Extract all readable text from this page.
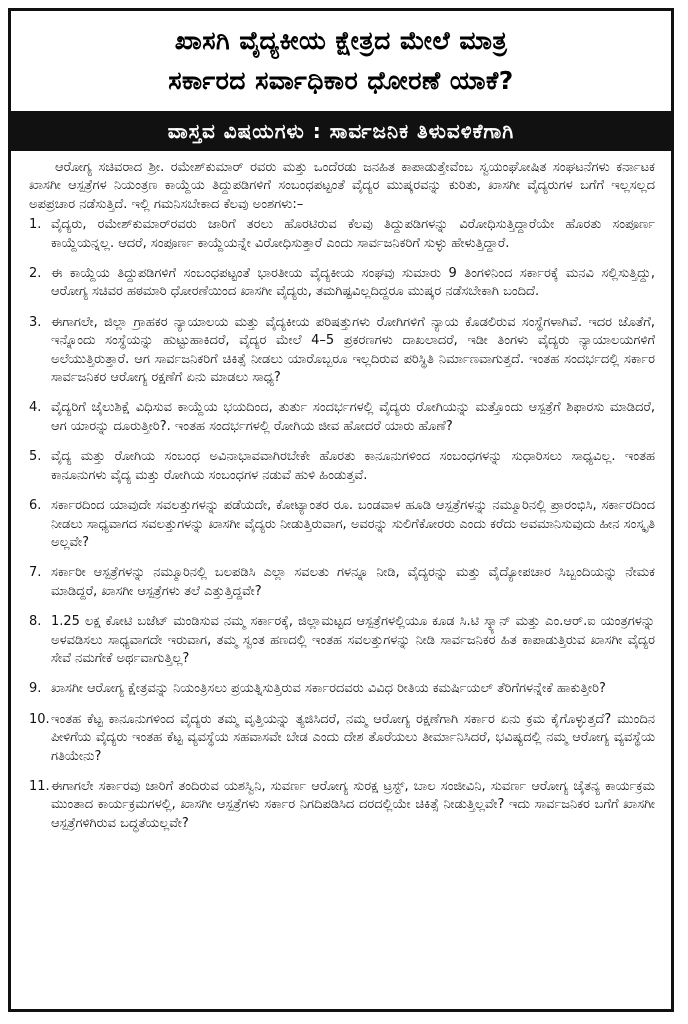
ಖಾಸಗಿ ವೈದ್ಯಕೀಯ ಕ್ಷೇತ್ರದ ಮೇಲೆ ಮಾತ್ರ
ಸರ್ಕಾರದ ಸರ್ವಾಧಿಕಾರ ಧೋರಣೆ ಯಾಕೆ?
ವಾಸ್ತವ ವಿಷಯಗಳು : ಸಾರ್ವಜನಿಕ ತಿಳುವಳಿಕೆಗಾಗಿ

ಆರೋಗ್ಯ ಸಚಿವರಾದ ಶ್ರೀ. ರಮೇಶ್‌ಕುಮಾರ್ ರವರು ಮತ್ತು ಒಂದೆರಡು ಜನಹಿತ ಕಾಪಾಡುತ್ತೇವೆಂಬ ಸ್ವಯಂಘೋಷಿತ ಸಂಘಟನೆಗಳು ಕರ್ನಾಟಕ ಖಾಸಗೀ ಆಸ್ಪತ್ರೆಗಳ ನಿಯಂತ್ರಣ ಕಾಯ್ದೆಯ ತಿದ್ದುಪಡಿಗಳಿಗೆ ಸಂಬಂಧಪಟ್ಟಂತೆ ವೈದ್ಯರ ಮುಷ್ಕರವನ್ನು ಕುರಿತು, ಖಾಸಗೀ ವೈದ್ಯರುಗಳ ಬಗೆಗೆ ಇಲ್ಲಸಲ್ಲದ ಅಪಪ್ರಚಾರ ನಡೆಸುತ್ತಿದೆ. ಇಲ್ಲಿ ಗಮನಿಸಬೇಕಾದ ಕೆಲವು ಅಂಶಗಳು:–

1. ವೈದ್ಯರು, ರಮೇಶ್‌ಕುಮಾರ್‌ರವರು ಜಾರಿಗೆ ತರಲು ಹೊರಟಿರುವ ಕೆಲವು ತಿದ್ದುಪಡಿಗಳನ್ನು ವಿರೋಧಿಸುತ್ತಿದ್ದಾರೆಯೇ ಹೊರತು ಸಂಪೂರ್ಣ ಕಾಯ್ದೆಯನ್ನಲ್ಲ. ಆದರೆ, ಸಂಪೂರ್ಣ ಕಾಯ್ದೆಯನ್ನೇ ವಿರೋಧಿಸುತ್ತಾರೆ ಎಂದು ಸಾರ್ವಜನಿಕರಿಗೆ ಸುಳ್ಳು ಹೇಳುತ್ತಿದ್ದಾರೆ.
2. ಈ ಕಾಯ್ದೆಯ ತಿದ್ದುಪಡಿಗಳಿಗೆ ಸಂಬಂಧಪಟ್ಟಂತೆ ಭಾರತೀಯ ವೈದ್ಯಕೀಯ ಸಂಘವು ಸುಮಾರು 9 ತಿಂಗಳಿನಿಂದ ಸರ್ಕಾರಕ್ಕೆ ಮನವಿ ಸಲ್ಲಿಸುತ್ತಿದ್ದು, ಆರೋಗ್ಯ ಸಚಿವರ ಹಠಮಾರಿ ಧೋರಣೆಯಿಂದ ಖಾಸಗೀ ವೈದ್ಯರು, ತಮಗಿಷ್ಟವಿಲ್ಲದಿದ್ದರೂ ಮುಷ್ಕರ ನಡೆಸಬೇಕಾಗಿ ಬಂದಿದೆ.
3. ಈಗಾಗಲೇ, ಜಿಲ್ಲಾ ಗ್ರಾಹಕರ ನ್ಯಾಯಾಲಯ ಮತ್ತು ವೈದ್ಯಕೀಯ ಪರಿಷತ್ತುಗಳು ರೋಗಿಗಳಿಗೆ ನ್ಯಾಯ ಕೊಡಲಿರುವ ಸಂಸ್ಥೆಗಳಾಗಿವೆ. ಇದರ ಜೊತೆಗೆ, ಇನ್ನೊಂದು ಸಂಸ್ಥೆಯನ್ನು ಹುಟ್ಟುಹಾಕಿದರೆ, ವೈದ್ಯರ ಮೇಲೆ 4–5 ಪ್ರಕರಣಗಳು ದಾಖಲಾದರೆ, ಇಡೀ ತಿಂಗಳು ವೈದ್ಯರು ನ್ಯಾಯಾಲಯಗಳಿಗೆ ಅಲೆಯುತ್ತಿರುತ್ತಾರೆ. ಆಗ ಸಾರ್ವಜನಿಕರಿಗೆ ಚಿಕಿತ್ಸೆ ನೀಡಲು ಯಾರೊಬ್ಬರೂ ಇಲ್ಲದಿರುವ ಪರಿಸ್ಥಿತಿ ನಿರ್ಮಾಣವಾಗುತ್ತದೆ. ಇಂತಹ ಸಂದರ್ಭದಲ್ಲಿ ಸರ್ಕಾರ ಸಾರ್ವಜನಿಕರ ಆರೋಗ್ಯ ರಕ್ಷಣೆಗೆ ಏನು ಮಾಡಲು ಸಾಧ್ಯ?
4. ವೈದ್ಯರಿಗೆ ಜೈಲುಶಿಕ್ಷೆ ವಿಧಿಸುವ ಕಾಯ್ದೆಯ ಭಯದಿಂದ, ತುರ್ತು ಸಂದರ್ಭಗಳಲ್ಲಿ ವೈದ್ಯರು ರೋಗಿಯನ್ನು ಮತ್ತೊಂದು ಆಸ್ಪತ್ರೆಗೆ ಶಿಫಾರಸು ಮಾಡಿದರೆ, ಆಗ ಯಾರನ್ನು ದೂರುತ್ತೀರಿ?. ಇಂತಹ ಸಂದರ್ಭಗಳಲ್ಲಿ ರೋಗಿಯ ಜೀವ ಹೋದರೆ ಯಾರು ಹೊಣೆ?
5. ವೈದ್ಯ ಮತ್ತು ರೋಗಿಯ ಸಂಬಂಧ ಅವಿನಾಭಾವವಾಗಿರಬೇಕೇ ಹೊರತು ಕಾನೂನುಗಳಿಂದ ಸಂಬಂಧಗಳನ್ನು ಸುಧಾರಿಸಲು ಸಾಧ್ಯವಿಲ್ಲ. ಇಂತಹ ಕಾನೂನುಗಳು ವೈದ್ಯ ಮತ್ತು ರೋಗಿಯ ಸಂಬಂಧಗಳ ನಡುವೆ ಹುಳಿ ಹಿಂಡುತ್ತವೆ.
6. ಸರ್ಕಾರದಿಂದ ಯಾವುದೇ ಸವಲತ್ತುಗಳನ್ನು ಪಡೆಯದೇ, ಕೋಟ್ಯಾಂತರ ರೂ. ಬಂಡವಾಳ ಹೂಡಿ ಆಸ್ಪತ್ರೆಗಳನ್ನು ನಮ್ಮೂರಿನಲ್ಲಿ ಪ್ರಾರಂಭಿಸಿ, ಸರ್ಕಾರದಿಂದ ನೀಡಲು ಸಾಧ್ಯವಾಗದ ಸವಲತ್ತುಗಳನ್ನು ಖಾಸಗೀ ವೈದ್ಯರು ನೀಡುತ್ತಿರುವಾಗ, ಅವರನ್ನು ಸುಲಿಗೆಕೋರರು ಎಂದು ಕರೆದು ಅವಮಾನಿಸುವುದು ಹೀನ ಸಂಸ್ಕೃತಿ ಅಲ್ಲವೇ?
7. ಸರ್ಕಾರೀ ಆಸ್ಪತ್ರೆಗಳನ್ನು ನಮ್ಮೂರಿನಲ್ಲಿ ಬಲಪಡಿಸಿ ಎಲ್ಲಾ ಸವಲತು ಗಳನ್ನೂ ನೀಡಿ, ವೈದ್ಯರನ್ನು ಮತ್ತು ವೈದ್ಯೋಪಚಾರ ಸಿಬ್ಬಂದಿಯನ್ನು ನೇಮಕ ಮಾಡಿದ್ದರೆ, ಖಾಸಗೀ ಆಸ್ಪತ್ರೆಗಳು ತಲೆ ಎತ್ತುತ್ತಿದ್ದವೇ?
8. 1.25 ಲಕ್ಷ ಕೋಟಿ ಬಜೆಟ್ ಮಂಡಿಸುವ ನಮ್ಮ ಸರ್ಕಾರಕ್ಕೆ, ಜಿಲ್ಲಾಮಟ್ಟದ ಆಸ್ಪತ್ರೆಗಳಲ್ಲಿಯೂ ಕೂಡ ಸಿ.ಟಿ ಸ್ಕ್ಯಾನ್ ಮತ್ತು ಎಂ.ಆರ್.ಐ ಯಂತ್ರಗಳನ್ನು ಅಳವಡಿಸಲು ಸಾಧ್ಯವಾಗದೇ ಇರುವಾಗ, ತಮ್ಮ ಸ್ವಂತ ಹಣದಲ್ಲಿ ಇಂತಹ ಸವಲತ್ತುಗಳನ್ನು ನೀಡಿ ಸಾರ್ವಜನಿಕರ ಹಿತ ಕಾಪಾಡುತ್ತಿರುವ ಖಾಸಗೀ ವೈದ್ಯರ ಸೇವೆ ನಮಗೇಕೆ ಅರ್ಥವಾಗುತ್ತಿಲ್ಲ?
9. ಖಾಸಗೀ ಆರೋಗ್ಯ ಕ್ಷೇತ್ರವನ್ನು ನಿಯಂತ್ರಿಸಲು ಪ್ರಯತ್ನಿಸುತ್ತಿರುವ ಸರ್ಕಾರದವರು ವಿವಿಧ ರೀತಿಯ ಕಮರ್ಷಿಯಲ್ ತೆರಿಗೆಗಳನ್ನೇಕೆ ಹಾಕುತ್ತೀರಿ?
10. ಇಂತಹ ಕೆಟ್ಟ ಕಾನೂನುಗಳಿಂದ ವೈದ್ಯರು ತಮ್ಮ ವೃತ್ತಿಯನ್ನು ತ್ಯಜಿಸಿದರೆ, ನಮ್ಮ ಆರೋಗ್ಯ ರಕ್ಷಣೆಗಾಗಿ ಸರ್ಕಾರ ಏನು ಕ್ರಮ ಕೈಗೊಳ್ಳುತ್ತದೆ? ಮುಂದಿನ ಪೀಳಿಗೆಯ ವೈದ್ಯರು ಇಂತಹ ಕೆಟ್ಟ ವ್ಯವಸ್ಥೆಯ ಸಹವಾಸವೇ ಬೇಡ ಎಂದು ದೇಶ ತೊರೆಯಲು ತೀರ್ಮಾನಿಸಿದರೆ, ಭವಿಷ್ಯದಲ್ಲಿ ನಮ್ಮ ಆರೋಗ್ಯ ವ್ಯವಸ್ಥೆಯ ಗತಿಯೇನು?
11. ಈಗಾಗಲೇ ಸರ್ಕಾರವು ಜಾರಿಗೆ ತಂದಿರುವ ಯಶಸ್ವಿನಿ, ಸುವರ್ಣ ಆರೋಗ್ಯ ಸುರಕ್ಷ ಟ್ರಸ್ಟ್, ಬಾಲ ಸಂಜೀವಿನಿ, ಸುವರ್ಣ ಆರೋಗ್ಯ ಚೈತನ್ಯ ಕಾರ್ಯಕ್ರಮ ಮುಂತಾದ ಕಾರ್ಯಕ್ರಮಗಳಲ್ಲಿ, ಖಾಸಗೀ ಆಸ್ಪತ್ರೆಗಳು ಸರ್ಕಾರ ನಿಗದಿಪಡಿಸಿದ ದರದಲ್ಲಿಯೇ ಚಿಕಿತ್ಸೆ ನೀಡುತ್ತಿಲ್ಲವೇ? ಇದು ಸಾರ್ವಜನಿಕರ ಬಗೆಗೆ ಖಾಸಗೀ ಆಸ್ಪತ್ರೆಗಳಿಗಿರುವ ಬದ್ಧತೆಯಲ್ಲವೇ?
